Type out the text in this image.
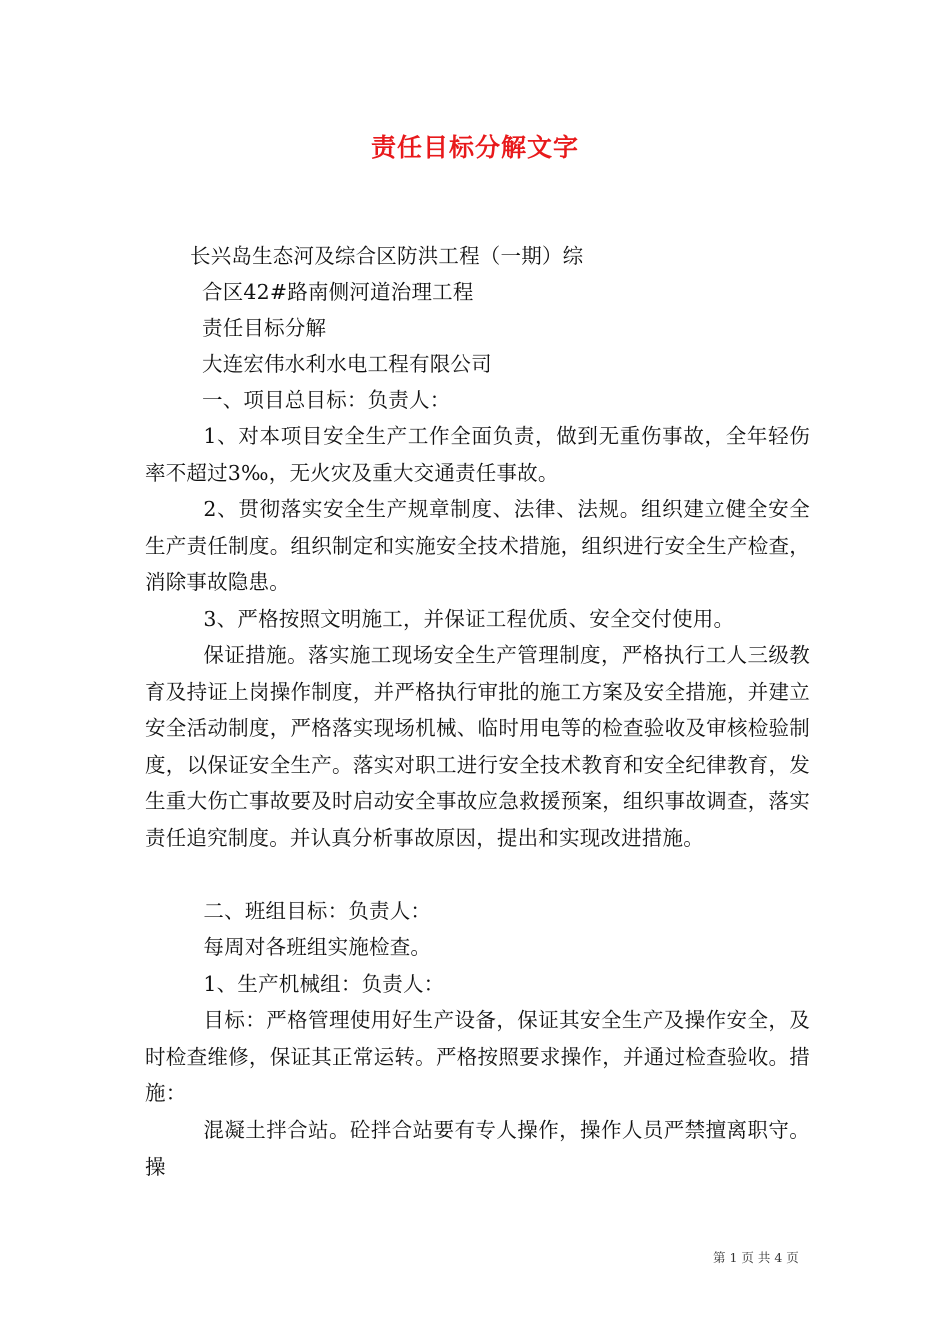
责任目标分解文字
长兴岛生态河及综合区防洪工程（一期）综
合区42#路南侧河道治理工程
责任目标分解
大连宏伟水利水电工程有限公司
一、项目总目标：负责人：
1、对本项目安全生产工作全面负责，做到无重伤事故，全年轻伤率不超过3‰，无火灾及重大交通责任事故。
2、贯彻落实安全生产规章制度、法律、法规。组织建立健全安全生产责任制度。组织制定和实施安全技术措施，组织进行安全生产检查，消除事故隐患。
3、严格按照文明施工，并保证工程优质、安全交付使用。
保证措施。落实施工现场安全生产管理制度，严格执行工人三级教育及持证上岗操作制度，并严格执行审批的施工方案及安全措施，并建立安全活动制度，严格落实现场机械、临时用电等的检查验收及审核检验制度，以保证安全生产。落实对职工进行安全技术教育和安全纪律教育，发生重大伤亡事故要及时启动安全事故应急救援预案，组织事故调查，落实责任追究制度。并认真分析事故原因，提出和实现改进措施。
二、班组目标：负责人：
每周对各班组实施检查。
1、生产机械组：负责人：
目标：严格管理使用好生产设备，保证其安全生产及操作安全，及时检查维修，保证其正常运转。严格按照要求操作，并通过检查验收。措施：
混凝土拌合站。砼拌合站要有专人操作，操作人员严禁擅离职守。操
第 1 页 共 4 页
